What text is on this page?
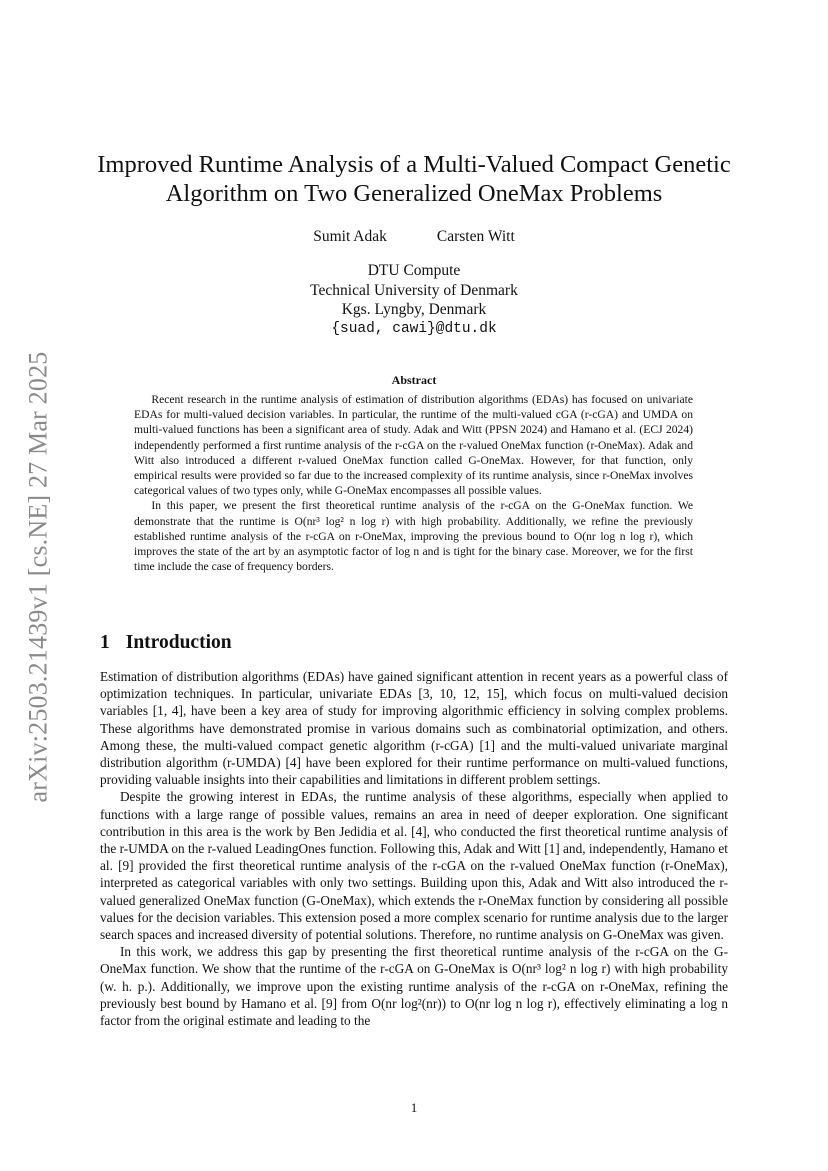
arXiv:2503.21439v1 [cs.NE] 27 Mar 2025
Improved Runtime Analysis of a Multi-Valued Compact Genetic Algorithm on Two Generalized OneMax Problems
Sumit Adak	Carsten Witt
DTU Compute
Technical University of Denmark
Kgs. Lyngby, Denmark
{suad, cawi}@dtu.dk
Abstract

Recent research in the runtime analysis of estimation of distribution algorithms (EDAs) has focused on univariate EDAs for multi-valued decision variables. In particular, the runtime of the multi-valued cGA (r-cGA) and UMDA on multi-valued functions has been a significant area of study. Adak and Witt (PPSN 2024) and Hamano et al. (ECJ 2024) independently performed a first runtime analysis of the r-cGA on the r-valued OneMax function (r-OneMax). Adak and Witt also introduced a different r-valued OneMax function called G-OneMax. However, for that function, only empirical results were provided so far due to the increased complexity of its runtime analysis, since r-OneMax involves categorical values of two types only, while G-OneMax encompasses all possible values.

In this paper, we present the first theoretical runtime analysis of the r-cGA on the G-OneMax function. We demonstrate that the runtime is O(nr³ log² n log r) with high probability. Additionally, we refine the previously established runtime analysis of the r-cGA on r-OneMax, improving the previous bound to O(nr log n log r), which improves the state of the art by an asymptotic factor of log n and is tight for the binary case. Moreover, we for the first time include the case of frequency borders.

1 Introduction

Estimation of distribution algorithms (EDAs) have gained significant attention in recent years as a powerful class of optimization techniques. In particular, univariate EDAs [3, 10, 12, 15], which focus on multi-valued decision variables [1, 4], have been a key area of study for improving algorithmic efficiency in solving complex problems. These algorithms have demonstrated promise in various domains such as combinatorial optimization, and others. Among these, the multi-valued compact genetic algorithm (r-cGA) [1] and the multi-valued univariate marginal distribution algorithm (r-UMDA) [4] have been explored for their runtime performance on multi-valued functions, providing valuable insights into their capabilities and limitations in different problem settings.

Despite the growing interest in EDAs, the runtime analysis of these algorithms, especially when applied to functions with a large range of possible values, remains an area in need of deeper exploration. One significant contribution in this area is the work by Ben Jedidia et al. [4], who conducted the first theoretical runtime analysis of the r-UMDA on the r-valued LeadingOnes function. Following this, Adak and Witt [1] and, independently, Hamano et al. [9] provided the first theoretical runtime analysis of the r-cGA on the r-valued OneMax function (r-OneMax), interpreted as categorical variables with only two settings. Building upon this, Adak and Witt also introduced the r-valued generalized OneMax function (G-OneMax), which extends the r-OneMax function by considering all possible values for the decision variables. This extension posed a more complex scenario for runtime analysis due to the larger search spaces and increased diversity of potential solutions. Therefore, no runtime analysis on G-OneMax was given.

In this work, we address this gap by presenting the first theoretical runtime analysis of the r-cGA on the G-OneMax function. We show that the runtime of the r-cGA on G-OneMax is O(nr³ log² n log r) with high probability (w. h. p.). Additionally, we improve upon the existing runtime analysis of the r-cGA on r-OneMax, refining the previously best bound by Hamano et al. [9] from O(nr log²(nr)) to O(nr log n log r), effectively eliminating a log n factor from the original estimate and leading to the

1
